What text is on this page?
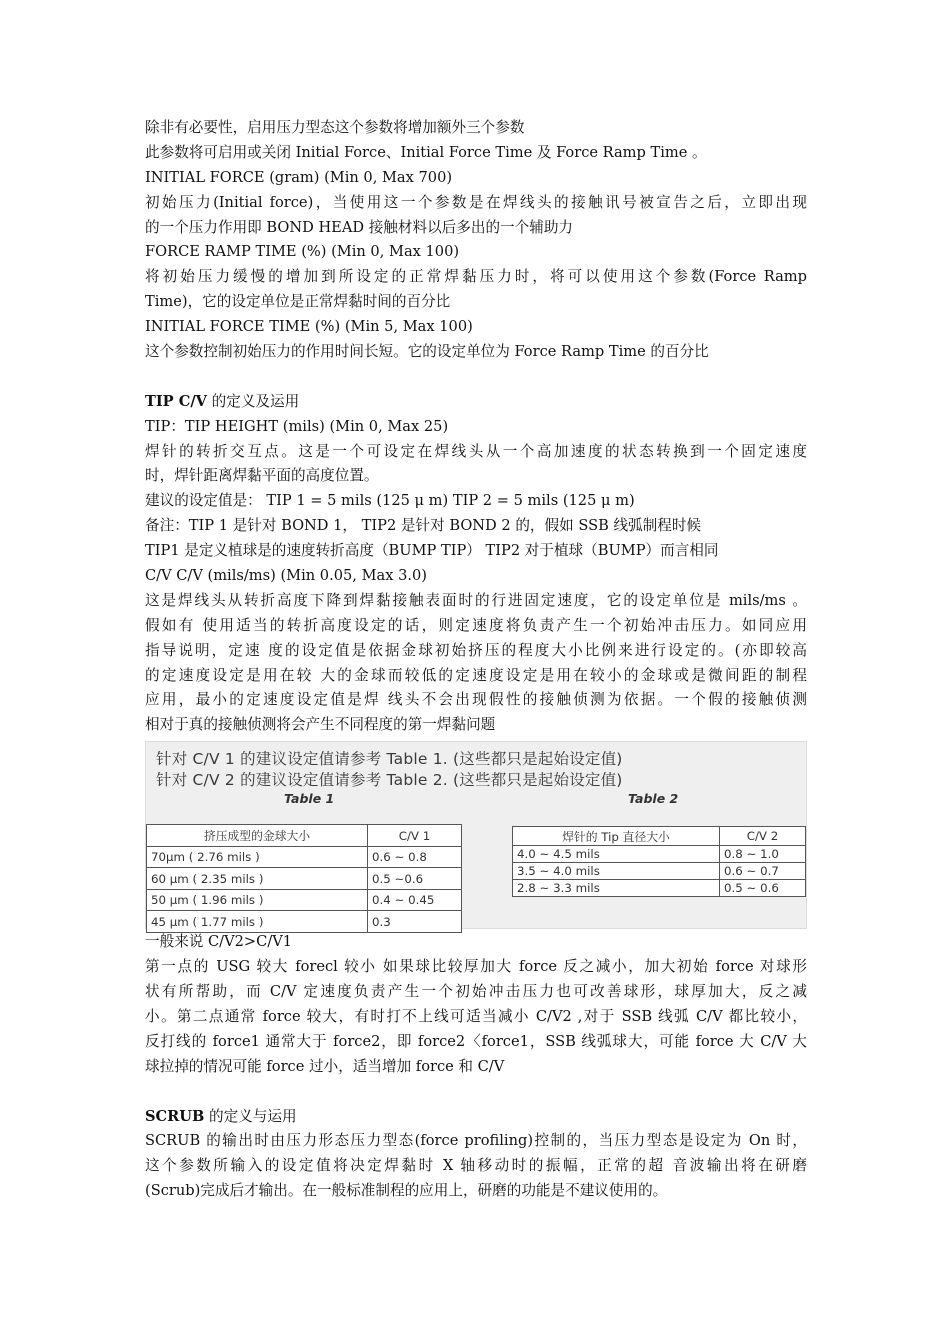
除非有必要性，启用压力型态这个参数将增加额外三个参数
此参数将可启用或关闭 Initial Force、Initial Force Time 及 Force Ramp Time 。
INITIAL FORCE (gram) (Min 0, Max 700)
初始压力(Initial force)，当使用这一个参数是在焊线头的接触讯号被宣告之后，立即出现
的一个压力作用即 BOND HEAD 接触材料以后多出的一个辅助力
FORCE RAMP TIME (%) (Min 0, Max 100)
将初始压力缓慢的增加到所设定的正常焊黏压力时，将可以使用这个参数(Force Ramp
Time)，它的设定单位是正常焊黏时间的百分比
INITIAL FORCE TIME (%) (Min 5, Max 100)
这个参数控制初始压力的作用时间长短。它的设定单位为 Force Ramp Time 的百分比
TIP C/V 的定义及运用
TIP：TIP HEIGHT (mils) (Min 0, Max 25)
焊针的转折交互点。这是一个可设定在焊线头从一个高加速度的状态转换到一个固定速度
时，焊针距离焊黏平面的高度位置。
建议的设定值是： TIP 1 = 5 mils (125 μ m) TIP 2 = 5 mils (125 μ m)
备注：TIP 1 是针对 BOND 1， TIP2 是针对 BOND 2 的，假如 SSB 线弧制程时候
TIP1 是定义植球是的速度转折高度（BUMP TIP） TIP2 对于植球（BUMP）而言相同
C/V C/V (mils/ms) (Min 0.05, Max 3.0)
这是焊线头从转折高度下降到焊黏接触表面时的行进固定速度，它的设定单位是 mils/ms 。
假如有 使用适当的转折高度设定的话，则定速度将负责产生一个初始冲击压力。如同应用
指导说明，定速 度的设定值是依据金球初始挤压的程度大小比例来进行设定的。(亦即较高
的定速度设定是用在较 大的金球而较低的定速度设定是用在较小的金球或是微间距的制程
应用，最小的定速度设定值是焊 线头不会出现假性的接触侦测为依据。一个假的接触侦测
相对于真的接触侦测将会产生不同程度的第一焊黏问题
针对 C/V 1 的建议设定值请参考 Table 1. (这些都只是起始设定值)
针对 C/V 2 的建议设定值请参考 Table 2. (这些都只是起始设定值)
Table 1	Table 2
挤压成型的金球大小	C/V 1
70μm ( 2.76 mils )	0.6 ~ 0.8
60 μm ( 2.35 mils )	0.5 ~0.6
50 μm ( 1.96 mils )	0.4 ~ 0.45
45 μm ( 1.77 mils )	0.3
焊针的 Tip 直径大小	C/V 2
4.0 ~ 4.5 mils	0.8 ~ 1.0
3.5 ~ 4.0 mils	0.6 ~ 0.7
2.8 ~ 3.3 mils	0.5 ~ 0.6
一般来说 C/V2>C/V1
第一点的 USG 较大 forecl 较小 如果球比较厚加大 force 反之减小，加大初始 force 对球形
状有所帮助，而 C/V 定速度负责产生一个初始冲击压力也可改善球形，球厚加大，反之减
小。第二点通常 force 较大，有时打不上线可适当减小 C/V2 ,对于 SSB 线弧 C/V 都比较小，
反打线的 force1 通常大于 force2，即 force2〈force1，SSB 线弧球大，可能 force 大 C/V 大
球拉掉的情况可能 force 过小，适当增加 force 和 C/V
SCRUB 的定义与运用
SCRUB 的输出时由压力形态压力型态(force profiling)控制的，当压力型态是设定为 On 时，
这个参数所输入的设定值将决定焊黏时 X 轴移动时的振幅，正常的超 音波输出将在研磨
(Scrub)完成后才输出。在一般标准制程的应用上，研磨的功能是不建议使用的。
